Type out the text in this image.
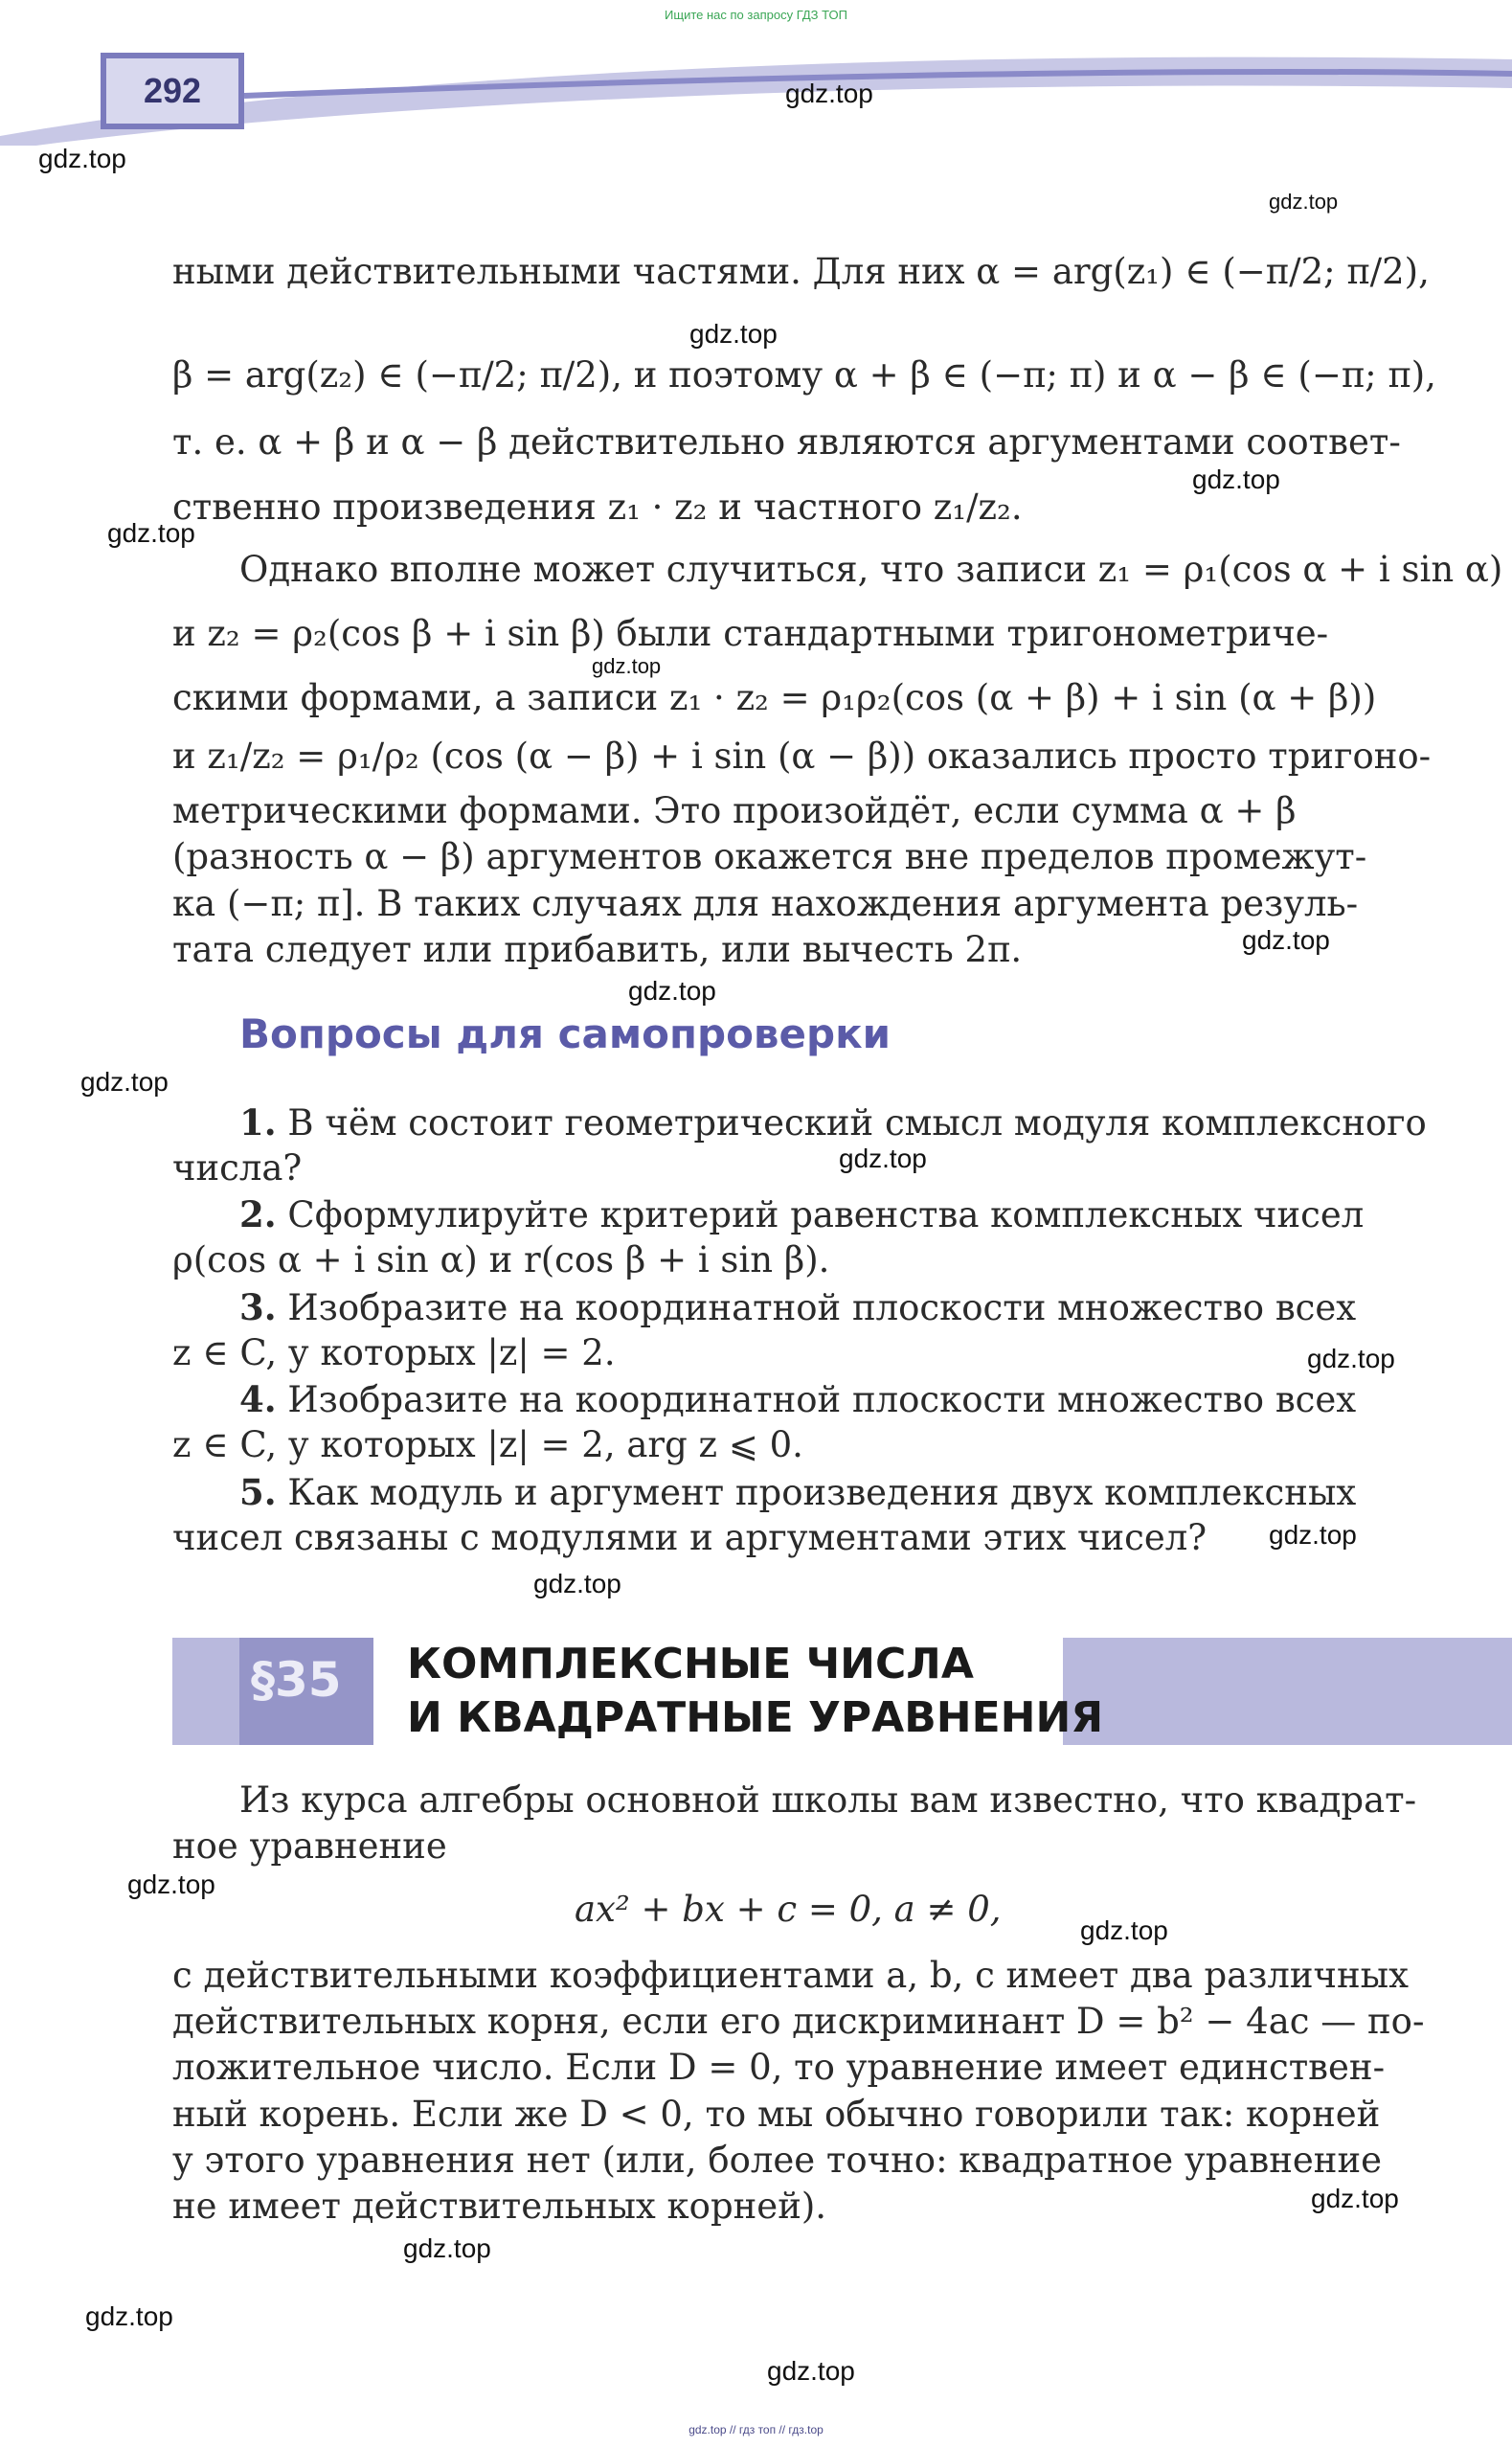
Ищите нас по запросу ГДЗ ТОП
292	gdz.top
gdz.top
gdz.top
gdz.top
gdz.top
gdz.top
gdz.top
gdz.top
gdz.top
gdz.top
gdz.top
gdz.top
gdz.top
gdz.top
gdz.top
gdz.top
gdz.top
gdz.top
gdz.top
gdz.top
ными действительными частями. Для них α = arg(z₁) ∈ (−π/2; π/2),
β = arg(z₂) ∈ (−π/2; π/2), и поэтому α + β ∈ (−π; π) и α − β ∈ (−π; π),
т. е. α + β и α − β действительно являются аргументами соответ-
ственно произведения z₁ · z₂ и частного z₁/z₂.
Однако вполне может случиться, что записи z₁ = ρ₁(cos α + i sin α)
и z₂ = ρ₂(cos β + i sin β) были стандартными тригонометриче-
скими формами, а записи z₁ · z₂ = ρ₁ρ₂(cos (α + β) + i sin (α + β))
и z₁/z₂ = ρ₁/ρ₂ (cos (α − β) + i sin (α − β)) оказались просто тригоно-
метрическими формами. Это произойдёт, если сумма α + β
(разность α − β) аргументов окажется вне пределов промежут-
ка (−π; π]. В таких случаях для нахождения аргумента резуль-
тата следует или прибавить, или вычесть 2π.
Вопросы для самопроверки
1. В чём состоит геометрический смысл модуля комплексного
числа?
2. Сформулируйте критерий равенства комплексных чисел
ρ(cos α + i sin α) и r(cos β + i sin β).
3. Изобразите на координатной плоскости множество всех
z ∈ C, у которых |z| = 2.
4. Изобразите на координатной плоскости множество всех
z ∈ C, у которых |z| = 2, arg z ⩽ 0.
5. Как модуль и аргумент произведения двух комплексных
чисел связаны с модулями и аргументами этих чисел?
§35 КОМПЛЕКСНЫЕ ЧИСЛА
И КВАДРАТНЫЕ УРАВНЕНИЯ
Из курса алгебры основной школы вам известно, что квадрат-
ное уравнение
ax² + bx + c = 0, a ≠ 0,
с действительными коэффициентами a, b, c имеет два различных
действительных корня, если его дискриминант D = b² − 4ac — по-
ложительное число. Если D = 0, то уравнение имеет единствен-
ный корень. Если же D < 0, то мы обычно говорили так: корней
у этого уравнения нет (или, более точно: квадратное уравнение
не имеет действительных корней).
gdz.top // гдз топ // гдз.top
